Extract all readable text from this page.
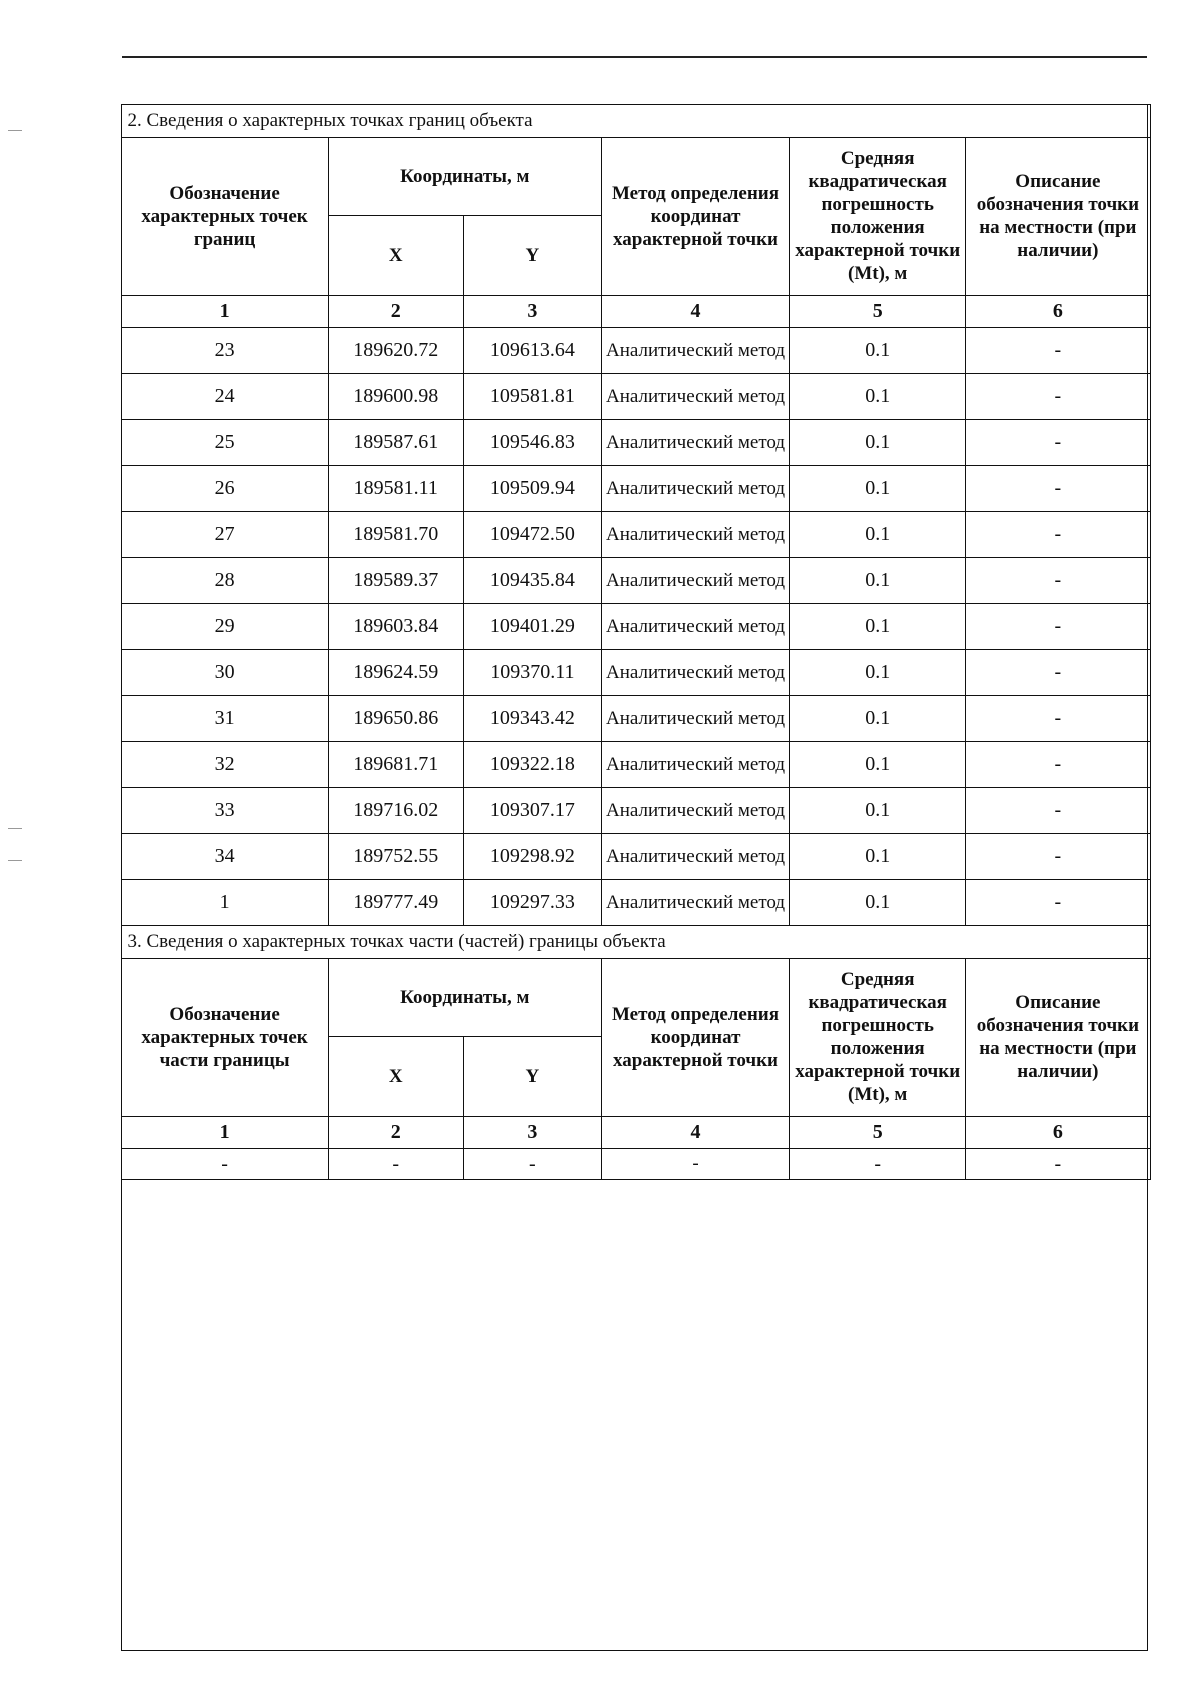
2. Сведения о характерных точках границ объекта					
Обозначение характерных точек границ	Координаты, м		Метод определения координат характерной точки	Средняя квадратическая погрешность положения характерной точки (Mt), м	Описание обозначения точки на местности (при наличии)
	X	Y			
1	2	3	4	5	6
23	189620.72	109613.64	Аналитический метод	0.1	-
24	189600.98	109581.81	Аналитический метод	0.1	-
25	189587.61	109546.83	Аналитический метод	0.1	-
26	189581.11	109509.94	Аналитический метод	0.1	-
27	189581.70	109472.50	Аналитический метод	0.1	-
28	189589.37	109435.84	Аналитический метод	0.1	-
29	189603.84	109401.29	Аналитический метод	0.1	-
30	189624.59	109370.11	Аналитический метод	0.1	-
31	189650.86	109343.42	Аналитический метод	0.1	-
32	189681.71	109322.18	Аналитический метод	0.1	-
33	189716.02	109307.17	Аналитический метод	0.1	-
34	189752.55	109298.92	Аналитический метод	0.1	-
1	189777.49	109297.33	Аналитический метод	0.1	-
3. Сведения о характерных точках части (частей) границы объекта					
Обозначение характерных точек части границы	Координаты, м		Метод определения координат характерной точки	Средняя квадратическая погрешность положения характерной точки (Mt), м	Описание обозначения точки на местности (при наличии)
	X	Y			
1	2	3	4	5	6
-	-	-	-	-	-
